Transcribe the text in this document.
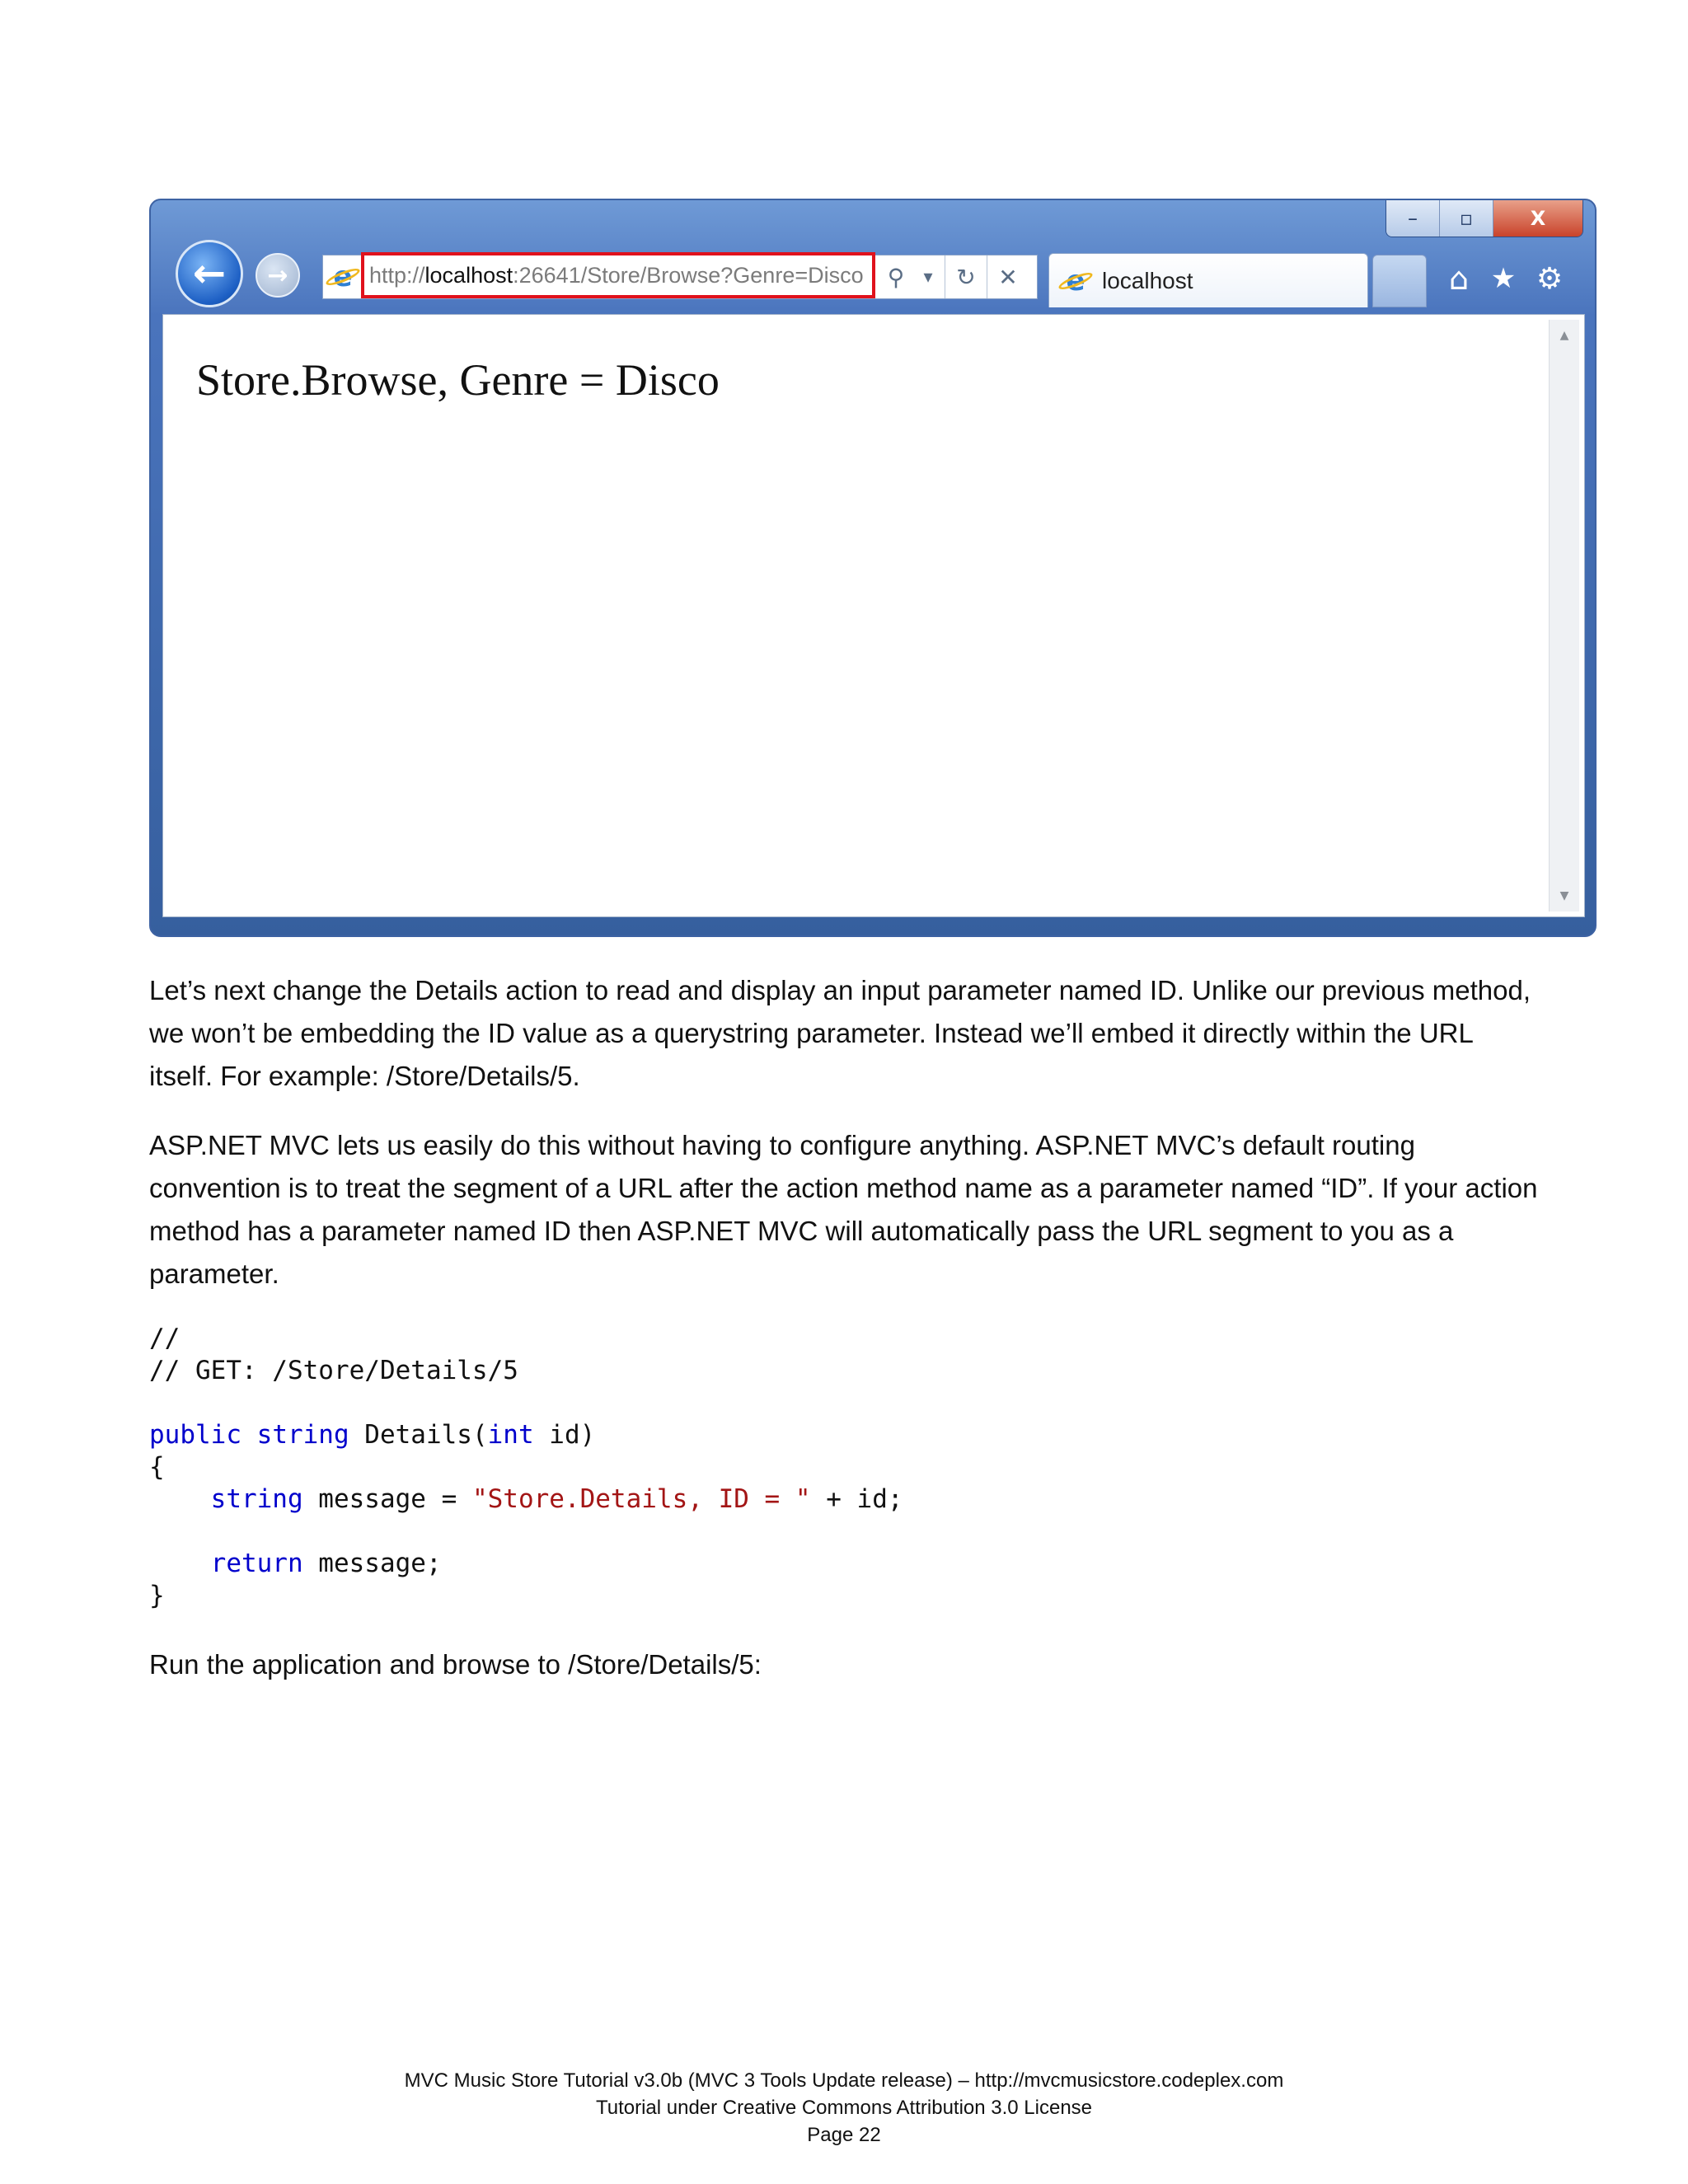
–	▫	X
← → e http:// localhost :26641/Store/Browse?Genre=Disco	⚲	▾	↻ ✕	e localhost	⌂ ★ ⚙
Store.Browse, Genre = Disco
▲
▼

Let’s next change the Details action to read and display an input parameter named ID. Unlike our previous method, we won’t be embedding the ID value as a querystring parameter. Instead we’ll embed it directly within the URL itself. For example: /Store/Details/5.

ASP.NET MVC lets us easily do this without having to configure anything. ASP.NET MVC’s default routing convention is to treat the segment of a URL after the action method name as a parameter named “ID”. If your action method has a parameter named ID then ASP.NET MVC will automatically pass the URL segment to you as a parameter.

//
// GET: /Store/Details/5
public string Details(int id)
{
string message = "Store.Details, ID = " + id;
return message;
}

Run the application and browse to /Store/Details/5:

MVC Music Store Tutorial v3.0b (MVC 3 Tools Update release) – http://mvcmusicstore.codeplex.com
Tutorial under Creative Commons Attribution 3.0 License
Page 22
